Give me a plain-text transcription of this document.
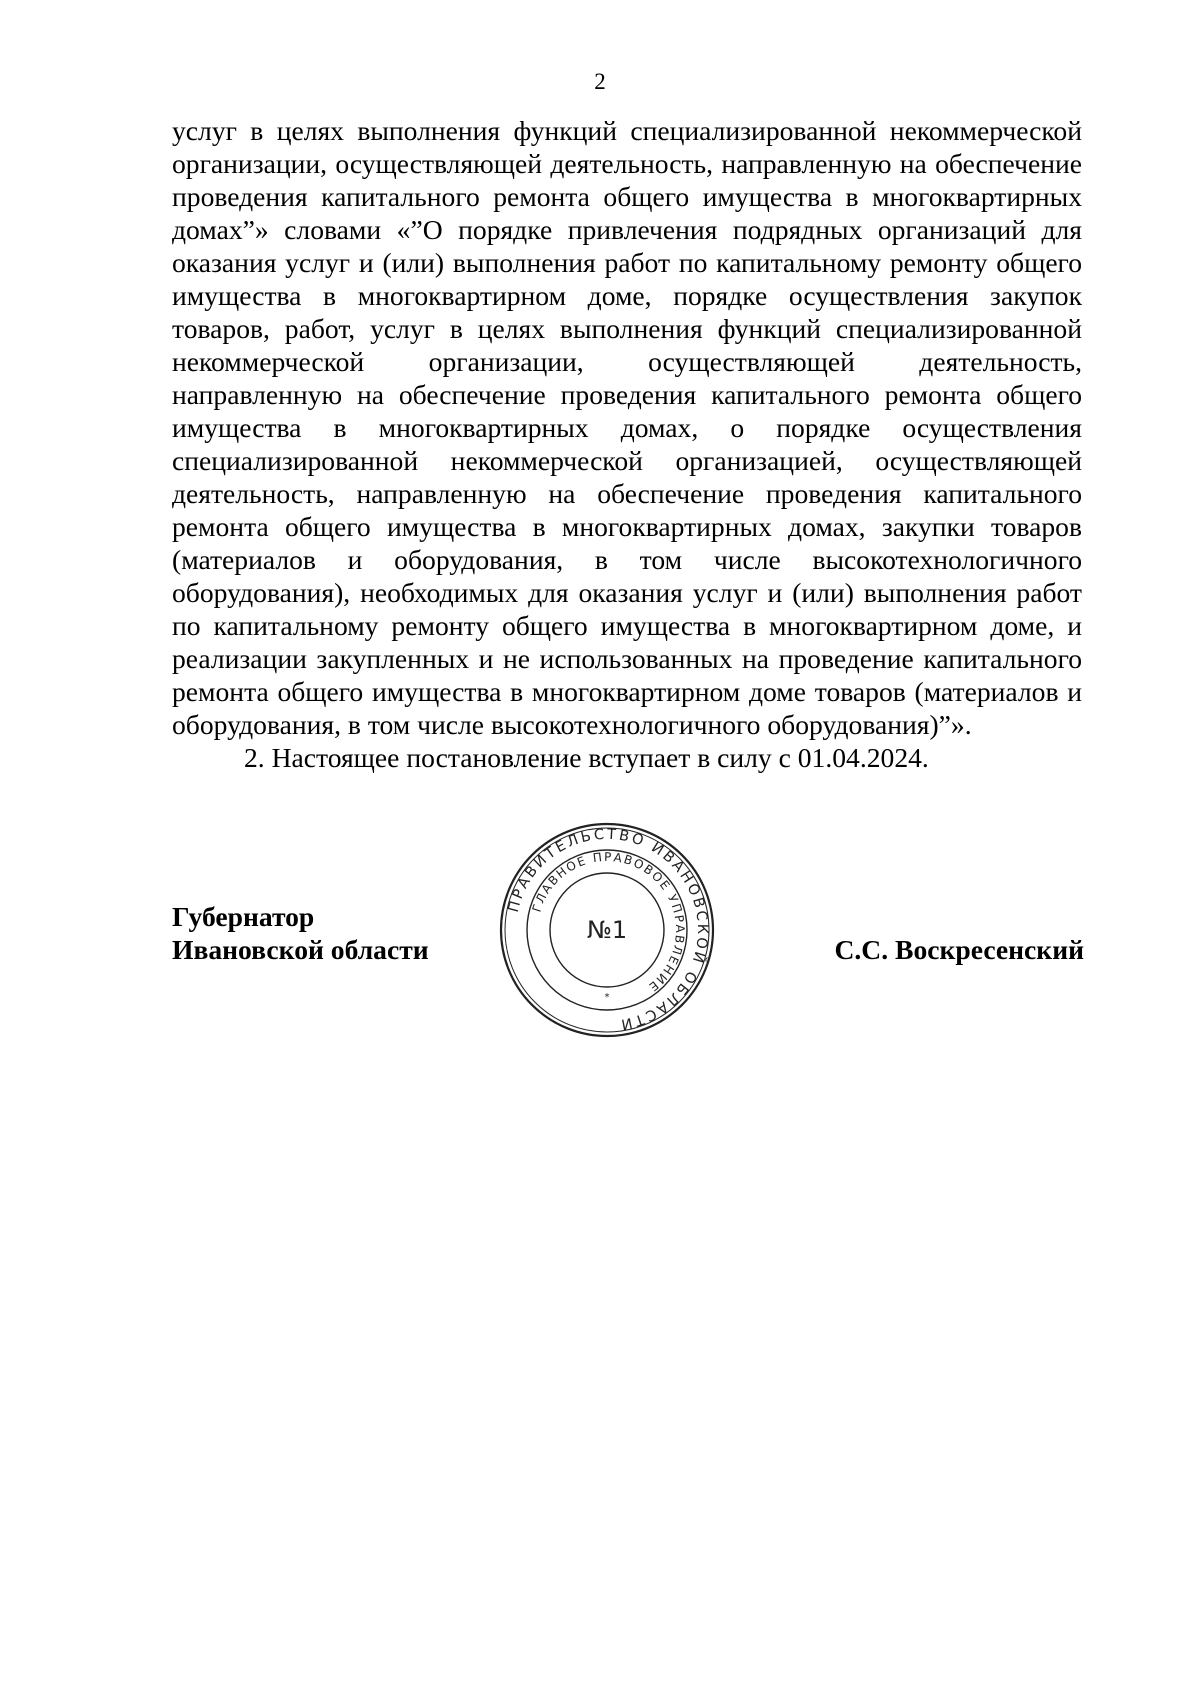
2

услуг в целях выполнения функций специализированной некоммерческой организации, осуществляющей деятельность, направленную на обеспечение проведения капитального ремонта общего имущества в многоквартирных домах”» словами «”О порядке привлечения подрядных организаций для оказания услуг и (или) выполнения работ по капитальному ремонту общего имущества в многоквартирном доме, порядке осуществления закупок товаров, работ, услуг в целях выполнения функций специализированной некоммерческой организации, осуществляющей деятельность, направленную на обеспечение проведения капитального ремонта общего имущества в многоквартирных домах, о порядке осуществления специализированной некоммерческой организацией, осуществляющей деятельность, направленную на обеспечение проведения капитального ремонта общего имущества в многоквартирных домах, закупки товаров (материалов и оборудования, в том числе высокотехнологичного оборудования), необходимых для оказания услуг и (или) выполнения работ по капитальному ремонту общего имущества в многоквартирном доме, и реализации закупленных и не использованных на проведение капитального ремонта общего имущества в многоквартирном доме товаров (материалов и оборудования, в том числе высокотехнологичного оборудования)”».

2. Настоящее постановление вступает в силу с 01.04.2024.

Губернатор
Ивановской области	С.С. Воскресенский
ПРАВИТЕЛЬСТВО ИВАНОВСКОЙ ОБЛАСТИ
ГЛАВНОЕ ПРАВОВОЕ УПРАВЛЕНИЕ
№1
*
